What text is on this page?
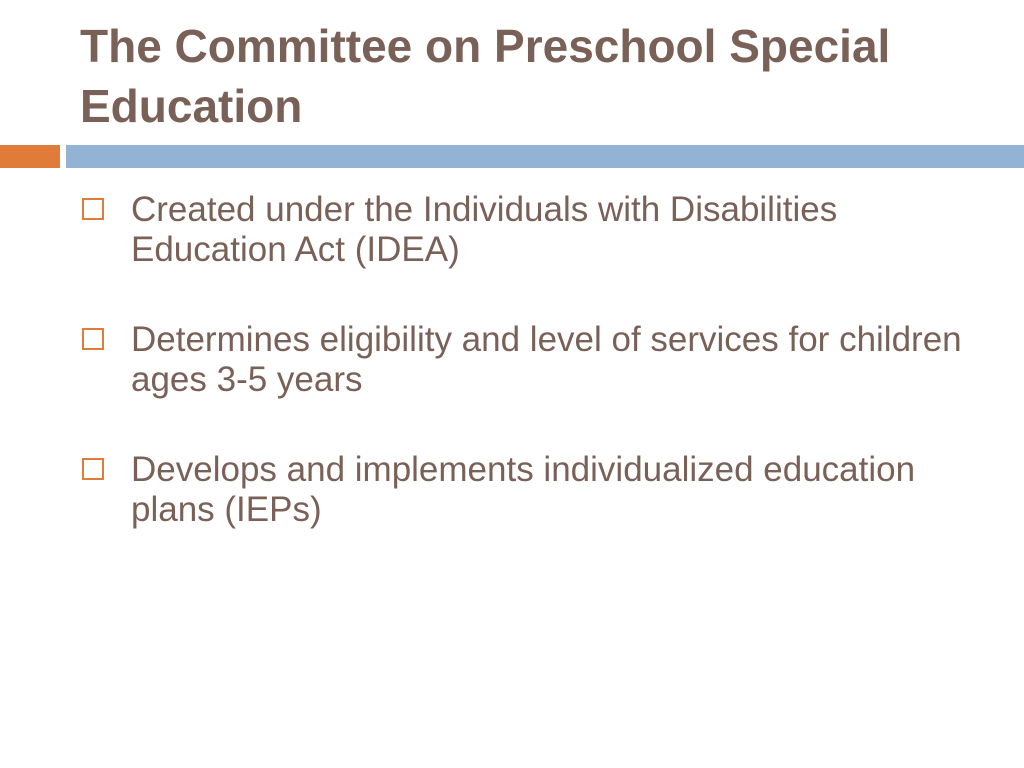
The Committee on Preschool Special Education
Created under the Individuals with Disabilities Education Act (IDEA)
Determines eligibility and level of services for children ages 3-5 years
Develops and implements individualized education plans (IEPs)
